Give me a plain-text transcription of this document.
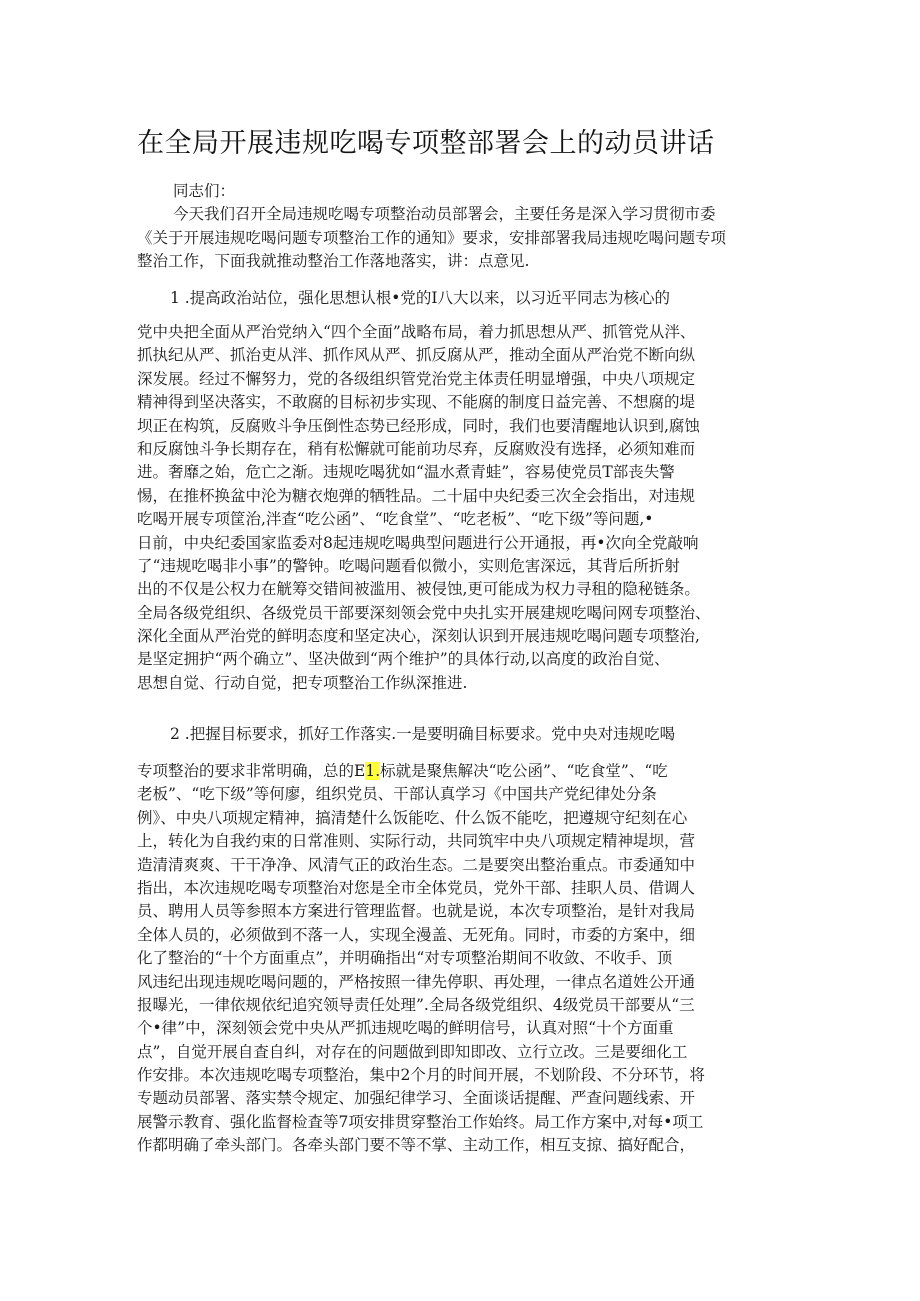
在全局开展违规吃喝专项整部署会上的动员讲话
同志们：
今天我们召开全局违规吃喝专项整治动员部署会，主要任务是深入学习贯彻市委
《关于开展违规吃喝问题专项整治工作的通知》要求，安排部署我局违规吃喝问题专项
整治工作，下面我就推动整治工作落地落实，讲：点意见.
1 .提高政治站位，强化思想认根•党的I八大以来，以习近平同志为核心的
党中央把全面从严治党纳入“四个全面”战略布局，着力抓思想从严、抓管党从泮、
抓执纪从严、抓治吏从泮、抓作风从严、抓反腐从严，推动全面从严治党不断向纵
深发展。经过不懈努力，党的各级组织管党治党主体责任明显增强，中央八项规定
精神得到坚决落实，不敢腐的目标初步实现、不能腐的制度日益完善、不想腐的堤
坝正在构筑，反腐败斗争压倒性态势已经形成，同时，我们也要清醒地认识到,腐蚀
和反腐蚀斗争长期存在，稍有松懈就可能前功尽弃，反腐败没有选择，必须知难而
进。奢靡之始，危亡之渐。违规吃喝犹如“温水煮青蛙”，容易使党员T部丧失警
惕，在推杯换盆中沦为糖衣炮弹的牺牲品。二十届中央纪委三次全会指出，对违规
吃喝开展专项筐治,泮查“吃公函”、“吃食堂”、“吃老板”、“吃下级”等问题,•
日前，中央纪委国家监委对8起违规吃喝典型问题进行公开通报，再•次向全党敲响
了“违规吃喝非小事”的警钟。吃喝问题看似微小，实则危害深远，其背后所折射
出的不仅是公权力在觥筹交错间被滥用、被侵蚀,更可能成为权力寻租的隐秘链条。
全局各级党组织、各级党员干部要深刻领会党中央扎实开展建规吃喝问网专项整治、
深化全面从严治党的鲜明态度和坚定决心，深刻认识到开展违规吃喝问题专项整治,
是坚定拥护“两个确立”、坚决做到“两个维护”的具体行动,以高度的政治自觉、
思想自觉、行动自觉，把专项整治工作纵深推进.
2 .把握目标要求，抓好工作落实.一是要明确目标要求。党中央对违规吃喝
专项整治的要求非常明确，总的E1.标就是聚焦解决“吃公函”、“吃食堂”、“吃
老板”、“吃下级”等何廖，组织党员、干部认真学习《中国共产党纪律处分条
例》、中央八项规定精神，搞清楚什么饭能吃、什么饭不能吃，把遵规守纪刻在心
上，转化为自我约束的日常准则、实际行动，共同筑牢中央八项规定精神堤坝，营
造清清爽爽、干干净净、风清气正的政治生态。二是要突出整治重点。市委通知中
指出，本次违规吃喝专项整治对您是全市全体党员，党外干部、挂职人员、借调人
员、聘用人员等参照本方案进行管理监督。也就是说，本次专项整治，是针对我局
全体人员的，必须做到不落一人，实现全漫盖、无死角。同时，市委的方案中，细
化了整治的“十个方面重点”，并明确指出“对专项整治期间不收敛、不收手、顶
风违纪出现违规吃喝问题的，严格按照一律先停职、再处理，一律点名道姓公开通
报曝光，一律依规依纪追究领导责任处理”.全局各级党组织、4级党员干部要从“三
个•律”中，深刻领会党中央从严抓违规吃喝的鲜明信号，认真对照“十个方面重
点”，自觉开展自査自纠，对存在的问题做到即知即改、立行立改。三是要细化工
作安排。本次违规吃喝专项整治，集中2个月的时间开展，不划阶段、不分环节，将
专题动员部署、落实禁令规定、加强纪律学习、全面谈话提醒、严查问题线索、开
展警示教育、强化监督检査等7项安排贯穿整治工作始终。局工作方案中,对每•项工
作都明确了牵头部门。各牵头部门要不等不掌、主动工作，相互支掠、搞好配合，
